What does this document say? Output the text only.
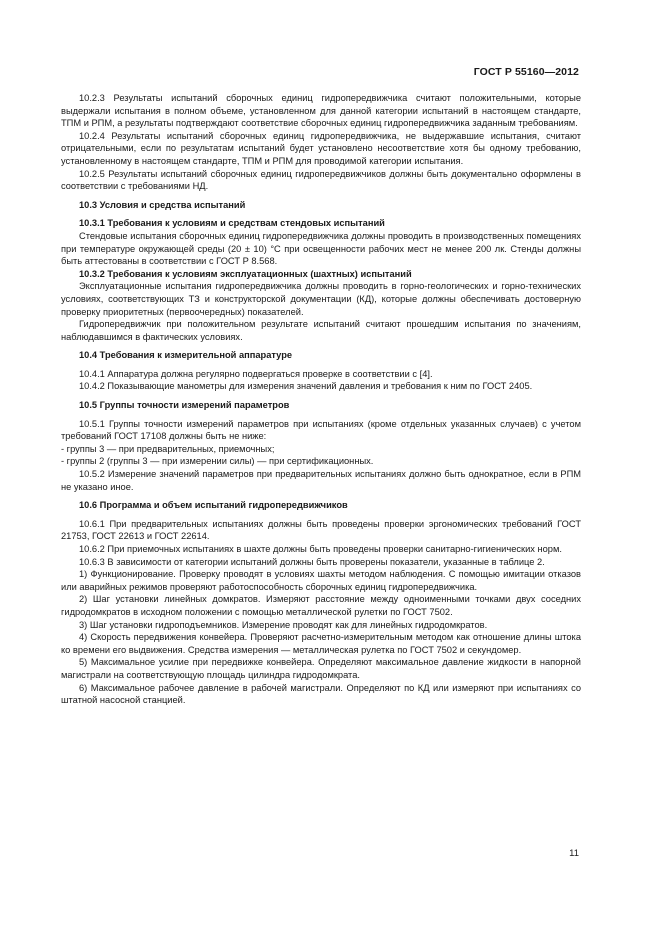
ГОСТ Р 55160—2012
10.2.3 Результаты испытаний сборочных единиц гидропередвижчика считают положительными, которые выдержали испытания в полном объеме, установленном для данной категории испытаний в настоящем стандарте, ТПМ и РПМ, а результаты подтверждают соответствие сборочных единиц гидропередвижчика заданным требованиям.
10.2.4 Результаты испытаний сборочных единиц гидропередвижчика, не выдержавшие испытания, считают отрицательными, если по результатам испытаний будет установлено несоответствие хотя бы одному требованию, установленному в настоящем стандарте, ТПМ и РПМ для проводимой категории испытания.
10.2.5 Результаты испытаний сборочных единиц гидропередвижчиков должны быть документально оформлены в соответствии с требованиями НД.
10.3 Условия и средства испытаний
10.3.1 Требования к условиям и средствам стендовых испытаний
Стендовые испытания сборочных единиц гидропередвижчика должны проводить в производственных помещениях при температуре окружающей среды (20 ± 10) °С при освещенности рабочих мест не менее 200 лк. Стенды должны быть аттестованы в соответствии с ГОСТ Р 8.568.
10.3.2 Требования к условиям эксплуатационных (шахтных) испытаний
Эксплуатационные испытания гидропередвижчика должны проводить в горно-геологических и горно-технических условиях, соответствующих ТЗ и конструкторской документации (КД), которые должны обеспечивать достоверную проверку приоритетных (первоочередных) показателей.
Гидропередвижчик при положительном результате испытаний считают прошедшим испытания по значениям, наблюдавшимся в фактических условиях.
10.4 Требования к измерительной аппаратуре
10.4.1 Аппаратура должна регулярно подвергаться проверке в соответствии с [4].
10.4.2 Показывающие манометры для измерения значений давления и требования к ним по ГОСТ 2405.
10.5 Группы точности измерений параметров
10.5.1 Группы точности измерений параметров при испытаниях (кроме отдельных указанных случаев) с учетом требований ГОСТ 17108 должны быть не ниже:
- группы 3 — при предварительных, приемочных;
- группы 2 (группы 3 — при измерении силы) — при сертификационных.
10.5.2 Измерение значений параметров при предварительных испытаниях должно быть однократное, если в РПМ не указано иное.
10.6 Программа и объем испытаний гидропередвижчиков
10.6.1 При предварительных испытаниях должны быть проведены проверки эргономических требований ГОСТ 21753, ГОСТ 22613 и ГОСТ 22614.
10.6.2 При приемочных испытаниях в шахте должны быть проведены проверки санитарно-гигиенических норм.
10.6.3 В зависимости от категории испытаний должны быть проверены показатели, указанные в таблице 2.
1) Функционирование. Проверку проводят в условиях шахты методом наблюдения. С помощью имитации отказов или аварийных режимов проверяют работоспособность сборочных единиц гидропередвижчика.
2) Шаг установки линейных домкратов. Измеряют расстояние между одноименными точками двух соседних гидродомкратов в исходном положении с помощью металлической рулетки по ГОСТ 7502.
3) Шаг установки гидроподъемников. Измерение проводят как для линейных гидродомкратов.
4) Скорость передвижения конвейера. Проверяют расчетно-измерительным методом как отношение длины штока ко времени его выдвижения. Средства измерения — металлическая рулетка по ГОСТ 7502 и секундомер.
5) Максимальное усилие при передвижке конвейера. Определяют максимальное давление жидкости в напорной магистрали на соответствующую площадь цилиндра гидродомкрата.
6) Максимальное рабочее давление в рабочей магистрали. Определяют по КД или измеряют при испытаниях со штатной насосной станцией.
11
